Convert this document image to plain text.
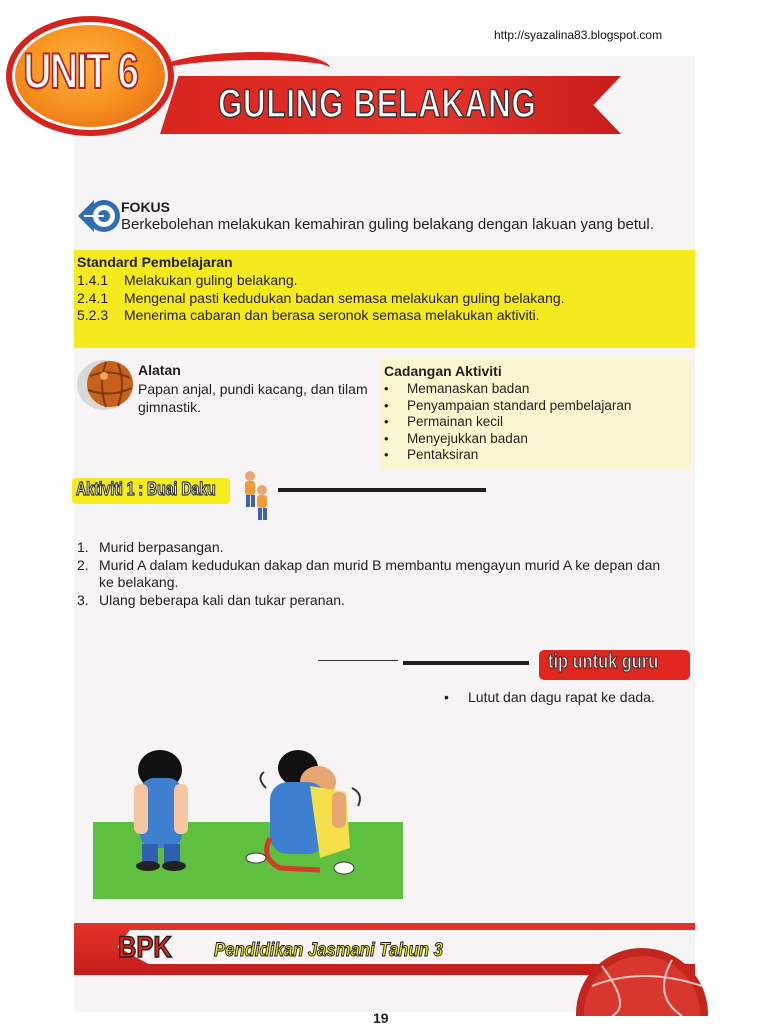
http://syazalina83.blogspot.com
UNIT 6
GULING BELAKANG
FOKUS
Berkebolehan melakukan kemahiran guling belakang dengan lakuan yang betul.
Standard Pembelajaran
1.4.1 Melakukan guling belakang.
2.4.1 Mengenal pasti kedudukan badan semasa melakukan guling belakang.
5.2.3 Menerima cabaran dan berasa seronok semasa melakukan aktiviti.
Alatan
Papan anjal, pundi kacang, dan tilam gimnastik.
Cadangan Aktiviti
• Memanaskan badan
• Penyampaian standard pembelajaran
• Permainan kecil
• Menyejukkan badan
• Pentaksiran
Aktiviti 1 : Buai Daku
1. Murid berpasangan.
2. Murid A dalam kedudukan dakap dan murid B membantu mengayun murid A ke depan dan ke belakang.
3. Ulang beberapa kali dan tukar peranan.
tip untuk guru
• Lutut dan dagu rapat ke dada.
BPK Pendidikan Jasmani Tahun 3
19
